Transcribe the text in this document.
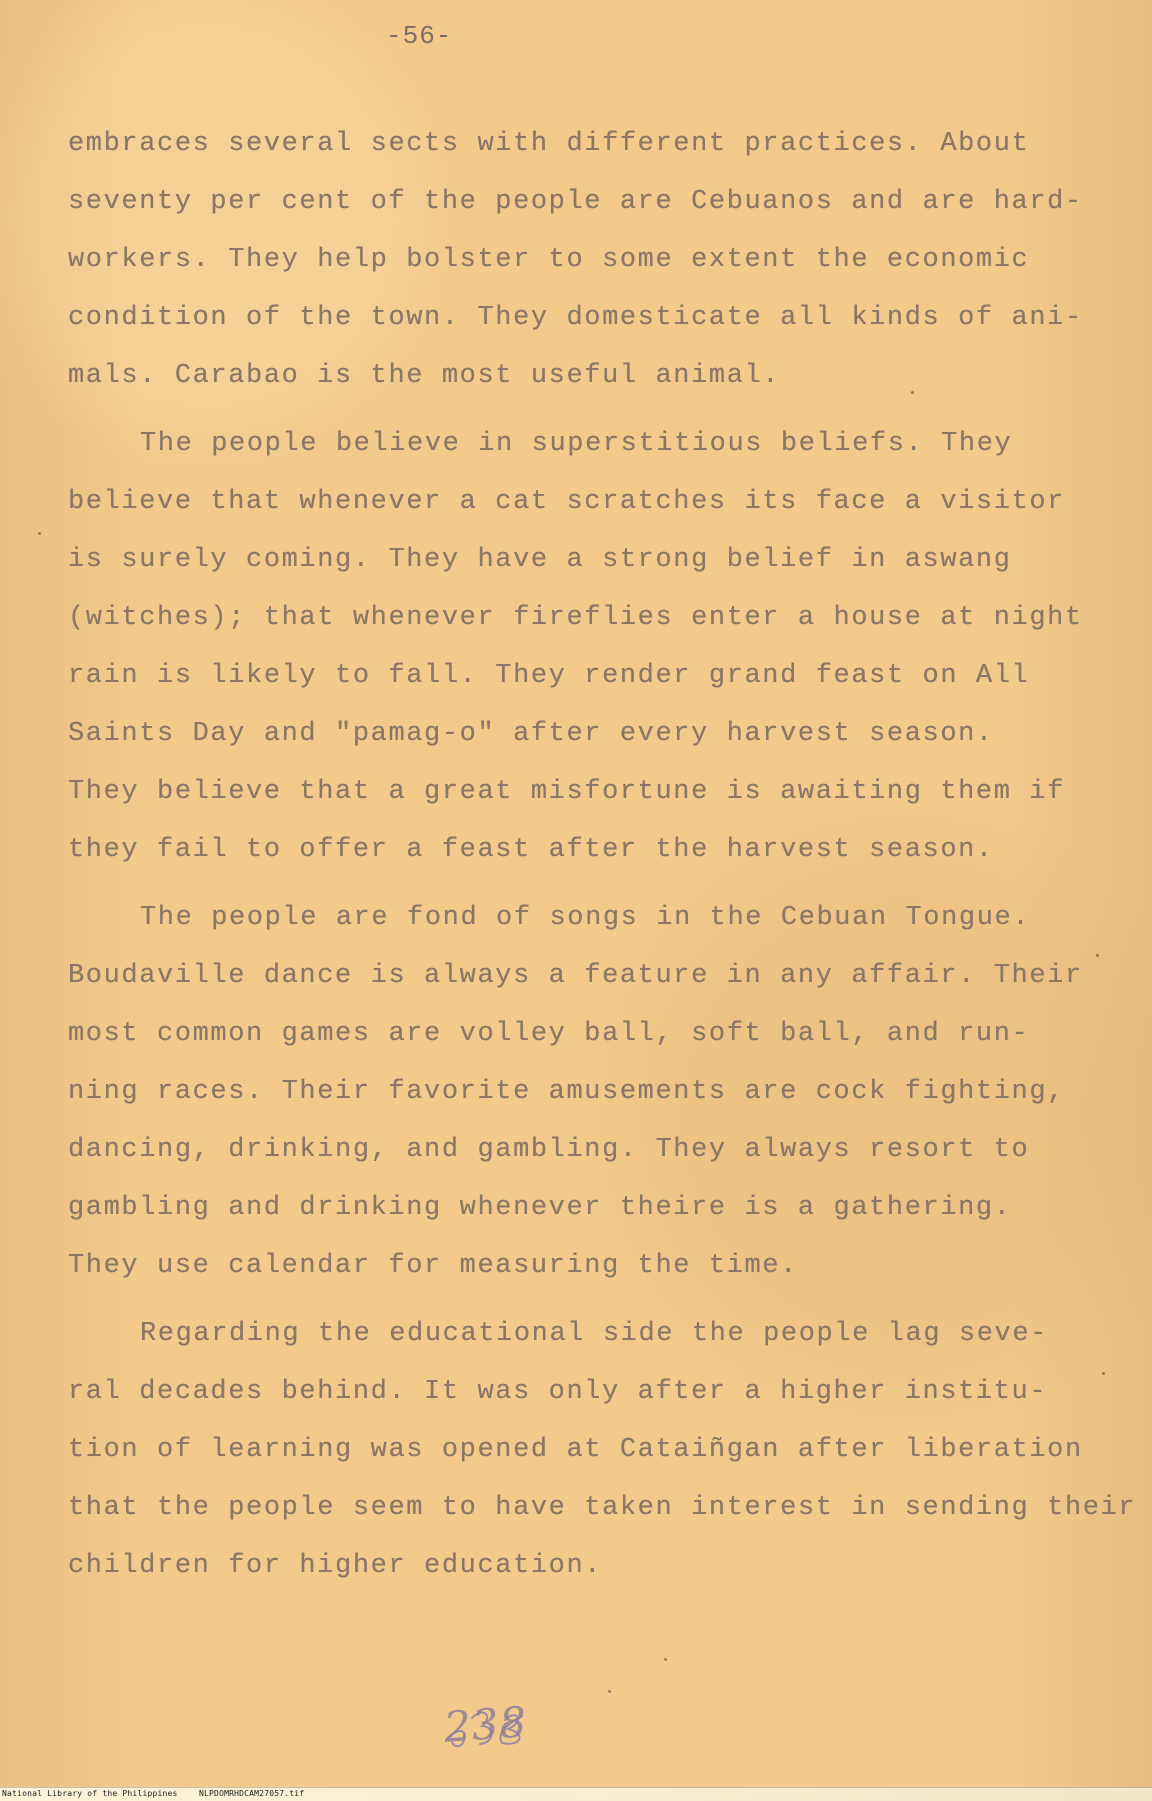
-56-
embraces several sects with different practices. About
seventy per cent of the people are Cebuanos and are hard-
workers. They help bolster to some extent the economic
condition of the town. They domesticate all kinds of ani-
mals. Carabao is the most useful animal.
The people believe in superstitious beliefs. They
believe that whenever a cat scratches its face a visitor
is surely coming. They have a strong belief in aswang
(witches); that whenever fireflies enter a house at night
rain is likely to fall. They render grand feast on All
Saints Day and "pamag-o" after every harvest season.
They believe that a great misfortune is awaiting them if
they fail to offer a feast after the harvest season.
The people are fond of songs in the Cebuan Tongue.
Boudaville dance is always a feature in any affair. Their
most common games are volley ball, soft ball, and run-
ning races. Their favorite amusements are cock fighting,
dancing, drinking, and gambling. They always resort to
gambling and drinking whenever theire is a gathering.
They use calendar for measuring the time.
Regarding the educational side the people lag seve-
ral decades behind. It was only after a higher institu-
tion of learning was opened at Cataiñgan after liberation
that the people seem to have taken interest in sending their
children for higher education.
238
National Library of the Philippines	NLPDOMRHDCAM27057.tif
